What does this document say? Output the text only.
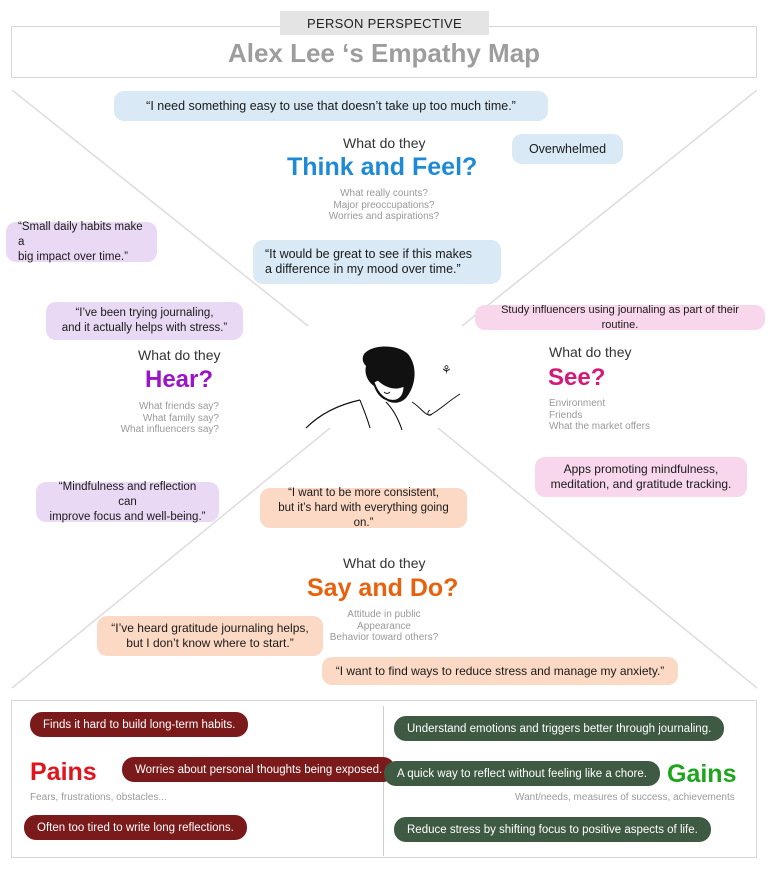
Alex Lee ‘s Empathy Map
PERSON PERSPECTIVE
“I need something easy to use that doesn’t take up too much time.”
Overwhelmed
What do they
Think and Feel?
What really counts?
Major preoccupations?
Worries and aspirations?
“It would be great to see if this makes
a difference in my mood over time.”
“Small daily habits make a
big impact over time.”
“I’ve been trying journaling,
and it actually helps with stress.”
What do they
Hear?
What friends say?
What family say?
What influencers say?
“Mindfulness and reflection can
improve focus and well-being.”
Study influencers using journaling as part of their routine.
What do they
See?
Environment
Friends
What the market offers
Apps promoting mindfulness,
meditation, and gratitude tracking.
⚘
“I want to be more consistent,
but it’s hard with everything going on.”
What do they
Say and Do?
Attitude in public
Appearance
Behavior toward others?
“I’ve heard gratitude journaling helps,
but I don’t know where to start.”
“I want to find ways to reduce stress and manage my anxiety.”
Finds it hard to build long-term habits.
Pains	Worries about personal thoughts being exposed.
Fears, frustrations, obstacles...
Often too tired to write long reflections.
Understand emotions and triggers better through journaling.
A quick way to reflect without feeling like a chore. Gains
Want/needs, measures of success, achievements
Reduce stress by shifting focus to positive aspects of life.
